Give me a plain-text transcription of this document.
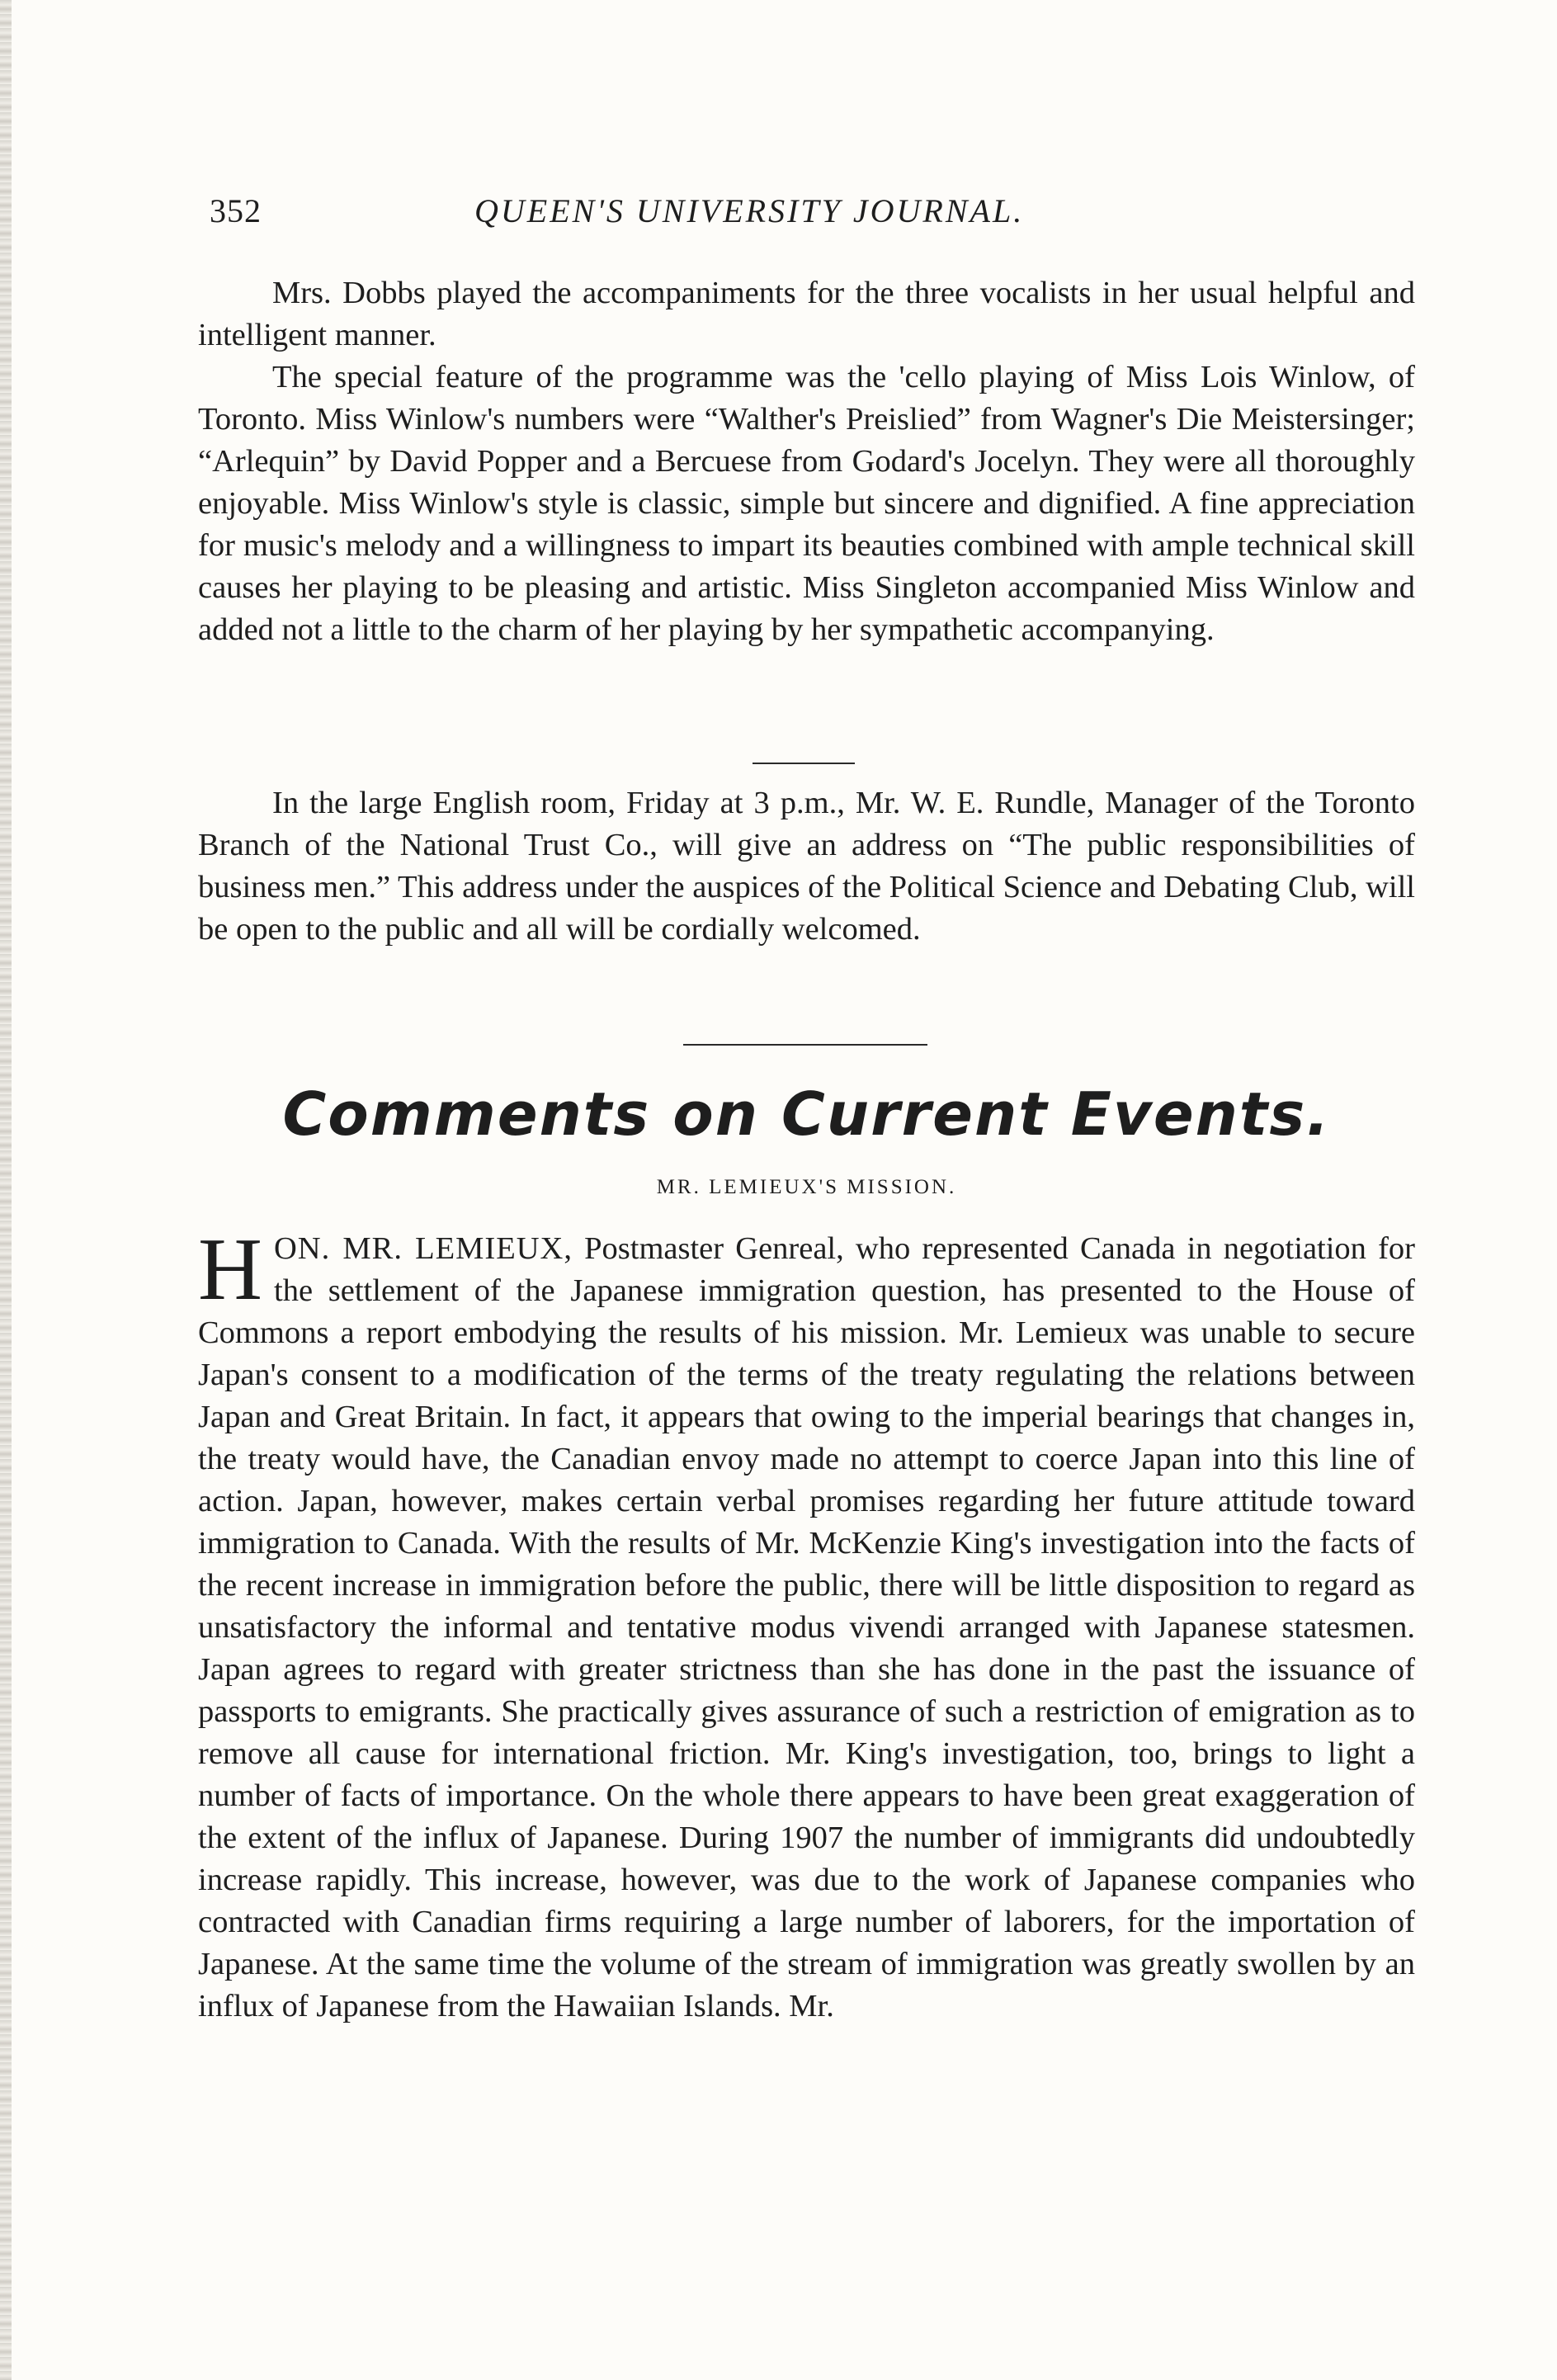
352	QUEEN'S UNIVERSITY JOURNAL.

Mrs. Dobbs played the accompaniments for the three vocalists in her usual helpful and intelligent manner.

The special feature of the programme was the 'cello playing of Miss Lois Winlow, of Toronto. Miss Winlow's numbers were “Walther's Preislied” from Wagner's Die Meistersinger; “Arlequin” by David Popper and a Bercuese from Godard's Jocelyn. They were all thoroughly enjoyable. Miss Winlow's style is classic, simple but sincere and dignified. A fine appreciation for music's melody and a willingness to impart its beauties combined with ample technical skill causes her playing to be pleasing and artistic. Miss Singleton accompanied Miss Winlow and added not a little to the charm of her playing by her sympathetic accompanying.

In the large English room, Friday at 3 p.m., Mr. W. E. Rundle, Manager of the Toronto Branch of the National Trust Co., will give an address on “The public responsibilities of business men.” This address under the auspices of the Political Science and Debating Club, will be open to the public and all will be cordially welcomed.

Comments on Current Events.

MR. LEMIEUX'S MISSION.

HON. MR. LEMIEUX, Postmaster Genreal, who represented Canada in negotiation for the settlement of the Japanese immigration question, has presented to the House of Commons a report embodying the results of his mission. Mr. Lemieux was unable to secure Japan's consent to a modification of the terms of the treaty regulating the relations between Japan and Great Britain. In fact, it appears that owing to the imperial bearings that changes in, the treaty would have, the Canadian envoy made no attempt to coerce Japan into this line of action. Japan, however, makes certain verbal promises regarding her future attitude toward immigration to Canada. With the results of Mr. McKenzie King's investigation into the facts of the recent increase in immigration before the public, there will be little disposition to regard as unsatisfactory the informal and tentative modus vivendi arranged with Japanese statesmen. Japan agrees to regard with greater strictness than she has done in the past the issuance of passports to emigrants. She practically gives assurance of such a restriction of emigration as to remove all cause for international friction. Mr. King's investigation, too, brings to light a number of facts of importance. On the whole there appears to have been great exaggeration of the extent of the influx of Japanese. During 1907 the number of immigrants did undoubtedly increase rapidly. This increase, however, was due to the work of Japanese companies who contracted with Canadian firms requiring a large number of laborers, for the importation of Japanese. At the same time the volume of the stream of immigration was greatly swollen by an influx of Japanese from the Hawaiian Islands. Mr.
